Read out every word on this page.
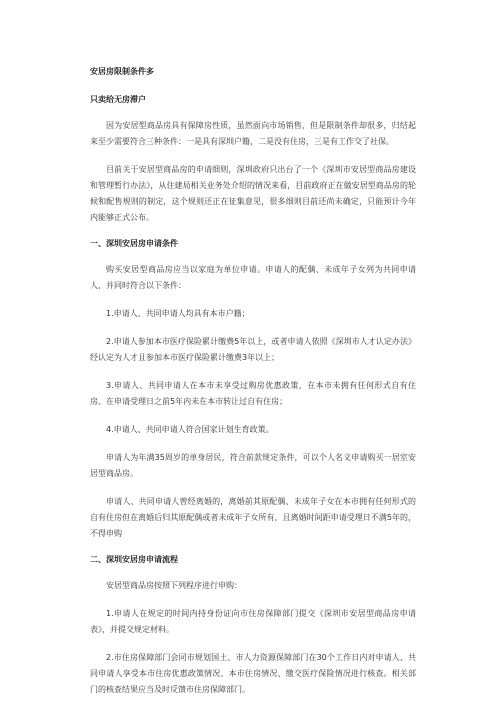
安居房限制条件多
只卖给无房滞户

因为安居型商品房具有保障房性质，虽然面向市场销售，但是限制条件却很多，归结起来至少需要符合三种条件：一是具有深圳户籍，二是没有住房，三是有工作交了社保。

目前关于安居型商品房的申请细则，深圳政府只出台了一个《深圳市安居型商品房建设和管理暂行办法》，从住建局相关业务处介绍的情况来看，目前政府正在做安居型商品房的轮候和配售规则的制定，这个规则还正在征集意见，很多细则目前还尚未确定，只能预计今年内能够正式公布。

一、深圳安居房申请条件

购买安居型商品房应当以家庭为单位申请。申请人的配偶、未成年子女列为共同申请人，并同时符合以下条件：

1.申请人、共同申请人均具有本市户籍；

2.申请人参加本市医疗保险累计缴费5年以上，或者申请人依照《深圳市人才认定办法》经认定为人才且参加本市医疗保险累计缴费3年以上；

3.申请人、共同申请人在本市未享受过购房优惠政策，在本市未拥有任何形式自有住房、在申请受理日之前5年内未在本市转让过自有住房；

4.申请人、共同申请人符合国家计划生育政策。

申请人为年满35周岁的单身居民，符合前款规定条件，可以个人名义申请购买一居室安居型商品房。

申请人、共同申请人曾经离婚的，离婚前其原配偶、未成年子女在本市拥有任何形式的自有住房但在离婚后归其原配偶或者未成年子女所有，且离婚时间距申请受理日不满5年的，不得申购

二、深圳安居房申请流程

安居型商品房按照下列程序进行申购：

1.申请人在规定的时间内持身份证向市住房保障部门提交《深圳市安居型商品房申请表》，并提交规定材料。

2.市住房保障部门会同市规划国土、市人力资源保障部门在30个工作日内对申请人、共同申请人享受本市住房优惠政策情况、本市住房情况、缴交医疗保险情况进行核查。相关部门的核查结果应当及时反馈市住房保障部门。
